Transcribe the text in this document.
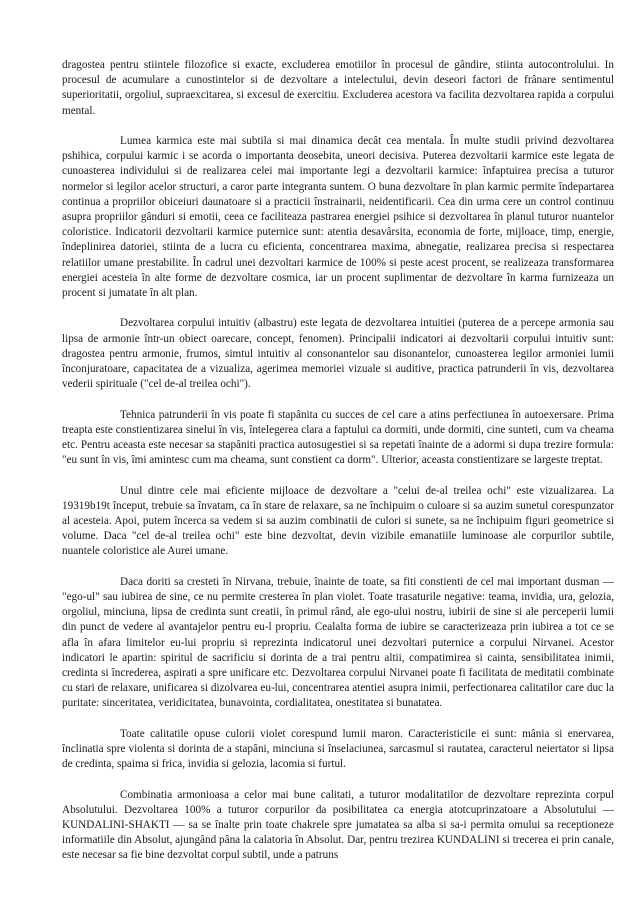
dragostea pentru stiintele filozofice si exacte, excluderea emotiilor în procesul de gândire, stiinta autocontrolului. In procesul de acumulare a cunostintelor si de dezvoltare a intelectului, devin deseori factori de frânare sentimentul superioritatii, orgoliul, supraexcitarea, si excesul de exercitiu. Excluderea acestora va facilita dezvoltarea rapida a corpului mental.

Lumea karmica este mai subtila si mai dinamica decât cea mentala. În multe studii privind dezvoltarea pshihica, corpului karmic i se acorda o importanta deosebita, uneori decisiva. Puterea dezvoltarii karmice este legata de cunoasterea individului si de realizarea celei mai importante legi a dezvoltarii karmice: înfaptuirea precisa a tuturor normelor si legilor acelor structuri, a caror parte integranta suntem. O buna dezvoltare în plan karmic permite îndepartarea continua a propriilor obiceiuri daunatoare si a practicii înstrainarii, neidentificarii. Cea din urma cere un control continuu asupra propriilor gânduri si emotii, ceea ce faciliteaza pastrarea energiei psihice si dezvoltarea în planul tuturor nuantelor coloristice. Indicatorii dezvoltarii karmice puternice sunt: atentia desavârsita, economia de forte, mijloace, timp, energie, îndeplinirea datoriei, stiinta de a lucra cu eficienta, concentrarea maxima, abnegatie, realizarea precisa si respectarea relatiilor umane prestabilite. În cadrul unei dezvoltari karmice de 100% si peste acest procent, se realizeaza transformarea energiei acesteia în alte forme de dezvoltare cosmica, iar un procent suplimentar de dezvoltare în karma furnizeaza un procent si jumatate în alt plan.

Dezvoltarea corpului intuitiv (albastru) este legata de dezvoltarea intuitiei (puterea de a percepe armonia sau lipsa de armonie într-un obiect oarecare, concept, fenomen). Principalii indicatori ai dezvoltarii corpului intuitiv sunt: dragostea pentru armonie, frumos, simtul intuitiv al consonantelor sau disonantelor, cunoasterea legilor armoniei lumii înconjuratoare, capacitatea de a vizualiza, agerimea memoriei vizuale si auditive, practica patrunderii în vis, dezvoltarea vederii spirituale ("cel de-al treilea ochi").

Tehnica patrunderii în vis poate fi stapânita cu succes de cel care a atins perfectiunea în autoexersare. Prima treapta este constientizarea sinelui în vis, întelegerea clara a faptului ca dormiti, unde dormiti, cine sunteti, cum va cheama etc. Pentru aceasta este necesar sa stapâniti practica autosugestiei si sa repetati înainte de a adormi si dupa trezire formula: "eu sunt în vis, îmi amintesc cum ma cheama, sunt constient ca dorm". Ulterior, aceasta constientizare se largeste treptat.

Unul dintre cele mai eficiente mijloace de dezvoltare a "celui de-al treilea ochi" este vizualizarea. La 19319b19t început, trebuie sa învatam, ca în stare de relaxare, sa ne închipuim o culoare si sa auzim sunetul corespunzator al acesteia. Apoi, putem încerca sa vedem si sa auzim combinatii de culori si sunete, sa ne închipuim figuri geometrice si volume. Daca "cel de-al treilea ochi" este bine dezvoltat, devin vizibile emanatiile luminoase ale corpurilor subtile, nuantele coloristice ale Aurei umane.

Daca doriti sa cresteti în Nirvana, trebuie, înainte de toate, sa fiti constienti de cel mai important dusman — "ego-ul" sau iubirea de sine, ce nu permite cresterea în plan violet. Toate trasaturile negative: teama, invidia, ura, gelozia, orgoliul, minciuna, lipsa de credinta sunt creatii, în primul rând, ale ego-ului nostru, iubirii de sine si ale perceperii lumii din punct de vedere al avantajelor pentru eu-l propriu. Cealalta forma de iubire se caracterizeaza prin iubirea a tot ce se afla în afara limitelor eu-lui propriu si reprezinta indicatorul unei dezvoltari puternice a corpului Nirvanei. Acestor indicatori le apartin: spiritul de sacrificiu si dorinta de a trai pentru altii, compatimirea si cainta, sensibilitatea inimii, credinta si încrederea, aspirati a spre unificare etc. Dezvoltarea corpului Nirvanei poate fi facilitata de meditatii combinate cu stari de relaxare, unificarea si dizolvarea eu-lui, concentrarea atentiei asupra inimii, perfectionarea calitatilor care duc la puritate: sinceritatea, veridicitatea, bunavointa, cordialitatea, onestitatea si bunatatea.

Toate calitatile opuse culorii violet corespund lumii maron. Caracteristicile ei sunt: mânia si enervarea, înclinatia spre violenta si dorinta de a stapâni, minciuna si înselaciunea, sarcasmul si rautatea, caracterul neiertator si lipsa de credinta, spaima si frica, invidia si gelozia, lacomia si furtul.

Combinatia armonioasa a celor mai bune calitati, a tuturor modalitatilor de dezvoltare reprezinta corpul Absolutului. Dezvoltarea 100% a tuturor corpurilor da posibilitatea ca energia atotcuprinzatoare a Absolutului — KUNDALINI-SHAKTI — sa se înalte prin toate chakrele spre jumatatea sa alba si sa-i permita omului sa receptioneze informatiile din Absolut, ajungând pâna la calatoria în Absolut. Dar, pentru trezirea KUNDALINI si trecerea ei prin canale, este necesar sa fie bine dezvoltat corpul subtil, unde a patruns
